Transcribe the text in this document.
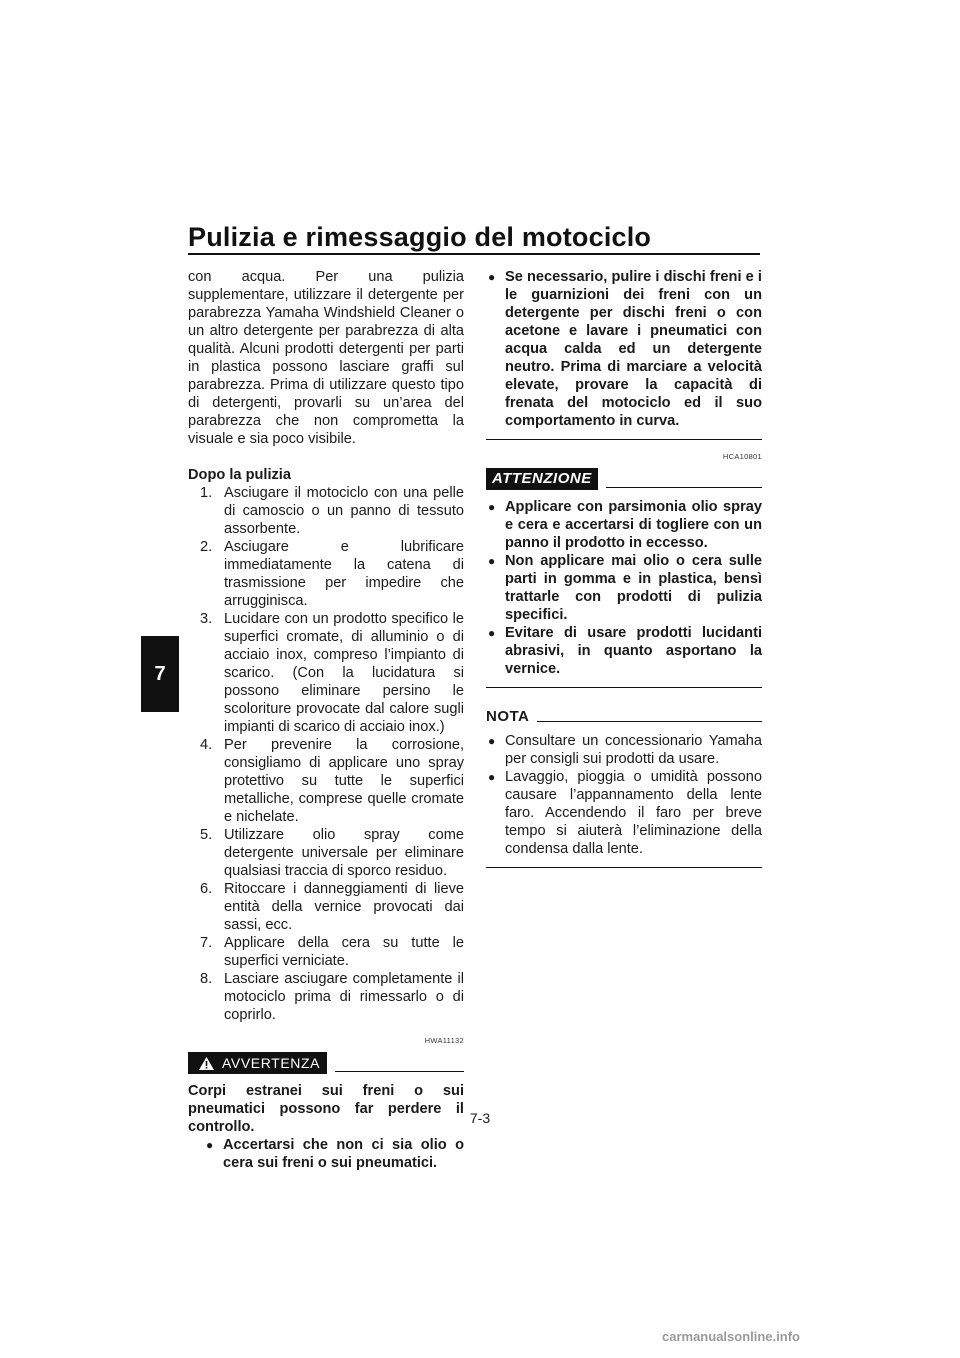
Pulizia e rimessaggio del motociclo
7

con acqua. Per una pulizia supplementare, utilizzare il detergente per parabrezza Yamaha Windshield Cleaner o un altro detergente per parabrezza di alta qualità. Alcuni prodotti detergenti per parti in plastica possono lasciare graffi sul parabrezza. Prima di utilizzare questo tipo di detergenti, provarli su un’area del parabrezza che non comprometta la visuale e sia poco visibile.

Dopo la pulizia

1. Asciugare il motociclo con una pelle di camoscio o un panno di tessuto assorbente.
2. Asciugare e lubrificare immediatamente la catena di trasmissione per impedire che arrugginisca.
3. Lucidare con un prodotto specifico le superfici cromate, di alluminio o di acciaio inox, compreso l’impianto di scarico. (Con la lucidatura si possono eliminare persino le scoloriture provocate dal calore sugli impianti di scarico di acciaio inox.)
4. Per prevenire la corrosione, consigliamo di applicare uno spray protettivo su tutte le superfici metalliche, comprese quelle cromate e nichelate.
5. Utilizzare olio spray come detergente universale per eliminare qualsiasi traccia di sporco residuo.
6. Ritoccare i danneggiamenti di lieve entità della vernice provocati dai sassi, ecc.
7. Applicare della cera su tutte le superfici verniciate.
8. Lasciare asciugare completamente il motociclo prima di rimessarlo o di coprirlo.
HWA11132
AVVERTENZA

Corpi estranei sui freni o sui pneumatici possono far perdere il controllo.

● Accertarsi che non ci sia olio o cera sui freni o sui pneumatici.
● Se necessario, pulire i dischi freni e i le guarnizioni dei freni con un detergente per dischi freni o con acetone e lavare i pneumatici con acqua calda ed un detergente neutro. Prima di marciare a velocità elevate, provare la capacità di frenata del motociclo ed il suo comportamento in curva.
HCA10801
ATTENZIONE
● Applicare con parsimonia olio spray e cera e accertarsi di togliere con un panno il prodotto in eccesso.
● Non applicare mai olio o cera sulle parti in gomma e in plastica, bensì trattarle con prodotti di pulizia specifici.
● Evitare di usare prodotti lucidanti abrasivi, in quanto asportano la vernice.
NOTA
● Consultare un concessionario Yamaha per consigli sui prodotti da usare.
● Lavaggio, pioggia o umidità possono causare l’appannamento della lente faro. Accendendo il faro per breve tempo si aiuterà l’eliminazione della condensa dalla lente.

7-3

carmanualsonline.info
